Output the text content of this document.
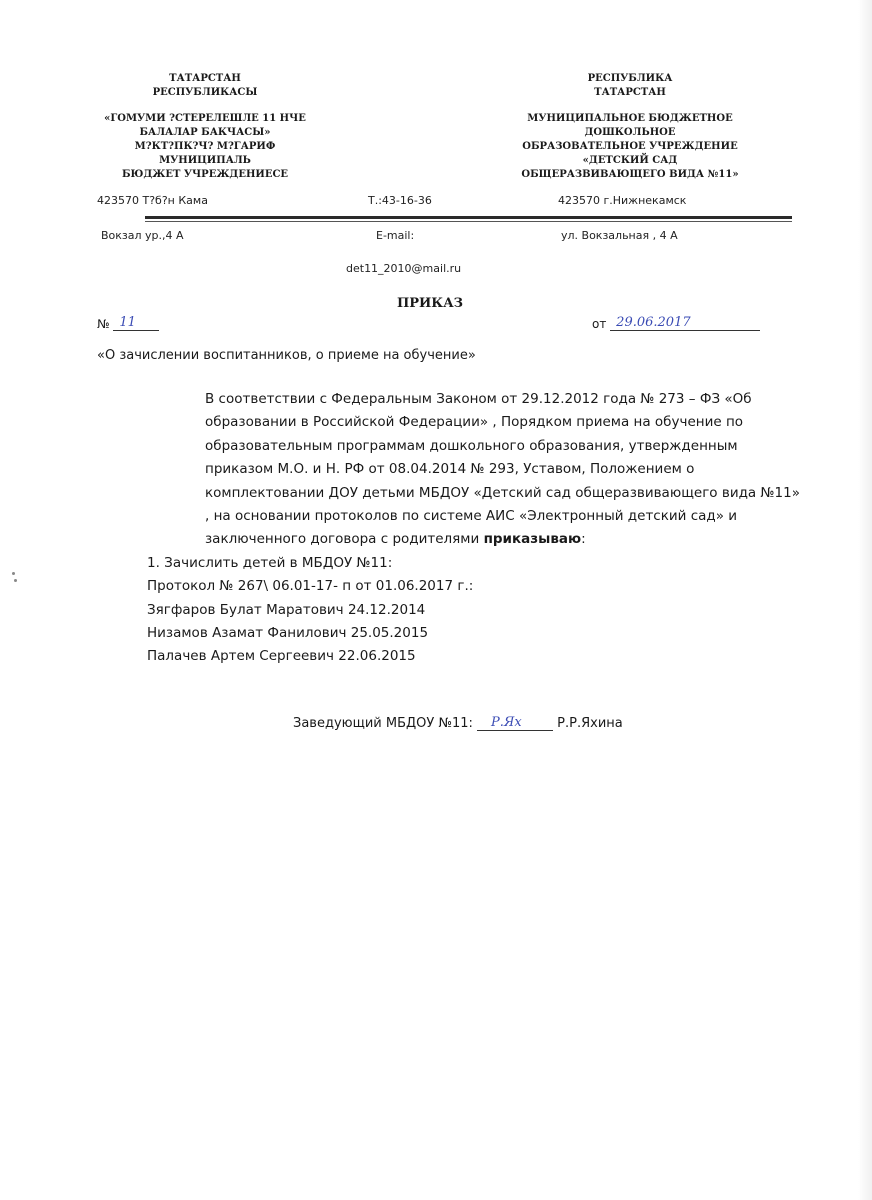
ТАТАРСТАН
РЕСПУБЛИКАСЫ
«ГОМУМИ ?СТЕРЕЛЕШЛЕ 11 НЧЕ
БАЛАЛАР БАКЧАСЫ»
М?КТ?ПК?Ч? М?ГАРИФ
МУНИЦИПАЛЬ
БЮДЖЕТ УЧРЕЖДЕНИЕСЕ
РЕСПУБЛИКА
ТАТАРСТАН
МУНИЦИПАЛЬНОЕ БЮДЖЕТНОЕ
ДОШКОЛЬНОЕ
ОБРАЗОВАТЕЛЬНОЕ УЧРЕЖДЕНИЕ
«ДЕТСКИЙ САД
ОБЩЕРАЗВИВАЮЩЕГО ВИДА №11»
423570 Т?б?н Кама	Т.:43-16-36	423570 г.Нижнекамск
Вокзал ур.,4 А	E-mail:	ул. Вокзальная , 4 А
det11_2010@mail.ru
ПРИКАЗ
№ 11	от 29.06.2017
«О зачислении воспитанников, о приеме на обучение»

В соответствии с Федеральным Законом от 29.12.2012 года № 273 – ФЗ «Об образовании в Российской Федерации» , Порядком приема на обучение по образовательным программам дошкольного образования, утвержденным приказом М.О. и Н. РФ от 08.04.2014 № 293, Уставом, Положением о комплектовании ДОУ детьми МБДОУ «Детский сад общеразвивающего вида №11» , на основании протоколов по системе АИС «Электронный детский сад» и заключенного договора с родителями приказываю:

1. Зачислить детей в МБДОУ №11:

Протокол № 267\ 06.01-17- п от 01.06.2017 г.:

Зягфаров Булат Маратович 24.12.2014

Низамов Азамат Фанилович 25.05.2015

Палачев Артем Сергеевич 22.06.2015

Заведующий МБДОУ №11: Р.Ях	Р.Р.Яхина
